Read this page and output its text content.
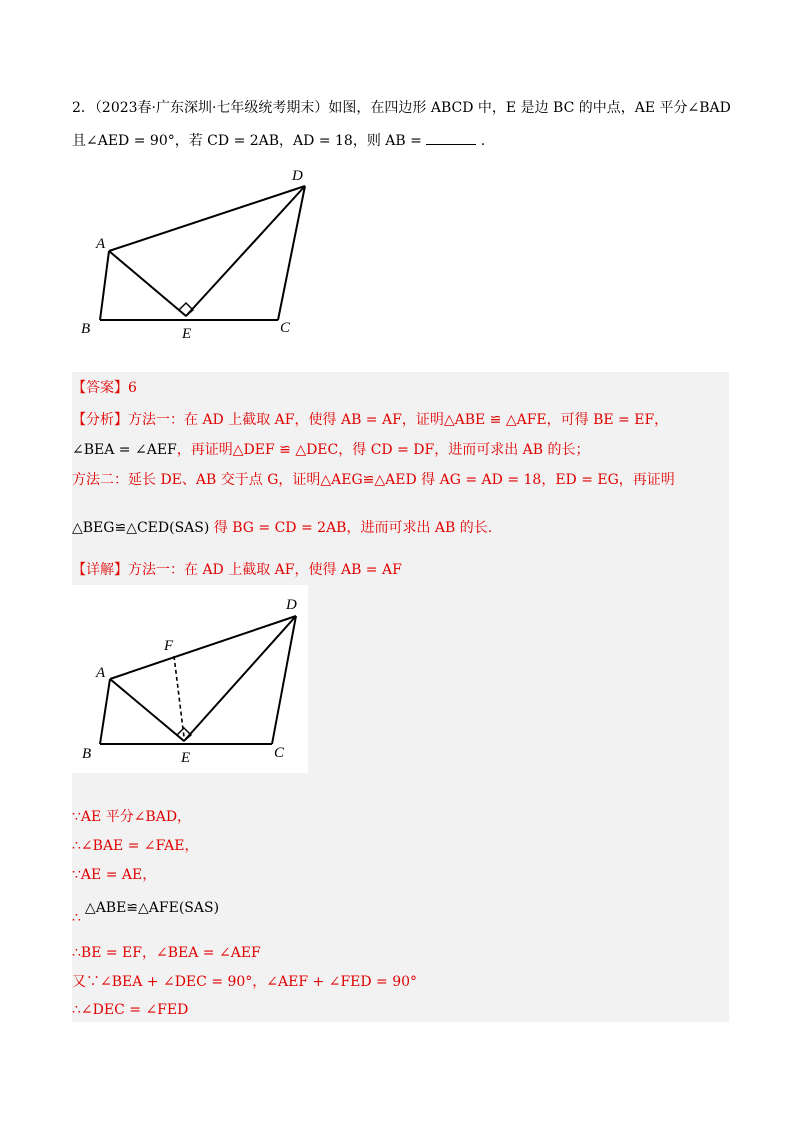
2．（2023春·广东深圳·七年级统考期末）如图，在四边形 ABCD 中，E 是边 BC 的中点，AE 平分∠BAD
且∠AED = 90°，若 CD = 2AB，AD = 18，则 AB =	.
A
B	E	C
D
【答案】6
【分析】方法一：在 AD 上截取 AF，使得 AB = AF，证明△ABE ≌ △AFE，可得 BE = EF，
∠BEA = ∠AEF，再证明△DEF ≌ △DEC，得 CD = DF，进而可求出 AB 的长；
方法二：延长 DE、AB 交于点 G，证明△AEG≌△AED 得 AG = AD = 18，ED = EG，再证明
△BEG≌△CED(SAS) 得 BG = CD = 2AB，进而可求出 AB 的长.
【详解】方法一：在 AD 上截取 AF，使得 AB = AF
F
A
B	E	C
D
∵AE 平分∠BAD，
∴∠BAE = ∠FAE，
∵AE = AE，
∴△ABE≌△AFE(SAS)
∴BE = EF，∠BEA = ∠AEF
又∵∠BEA + ∠DEC = 90°，∠AEF + ∠FED = 90°
∴∠DEC = ∠FED
